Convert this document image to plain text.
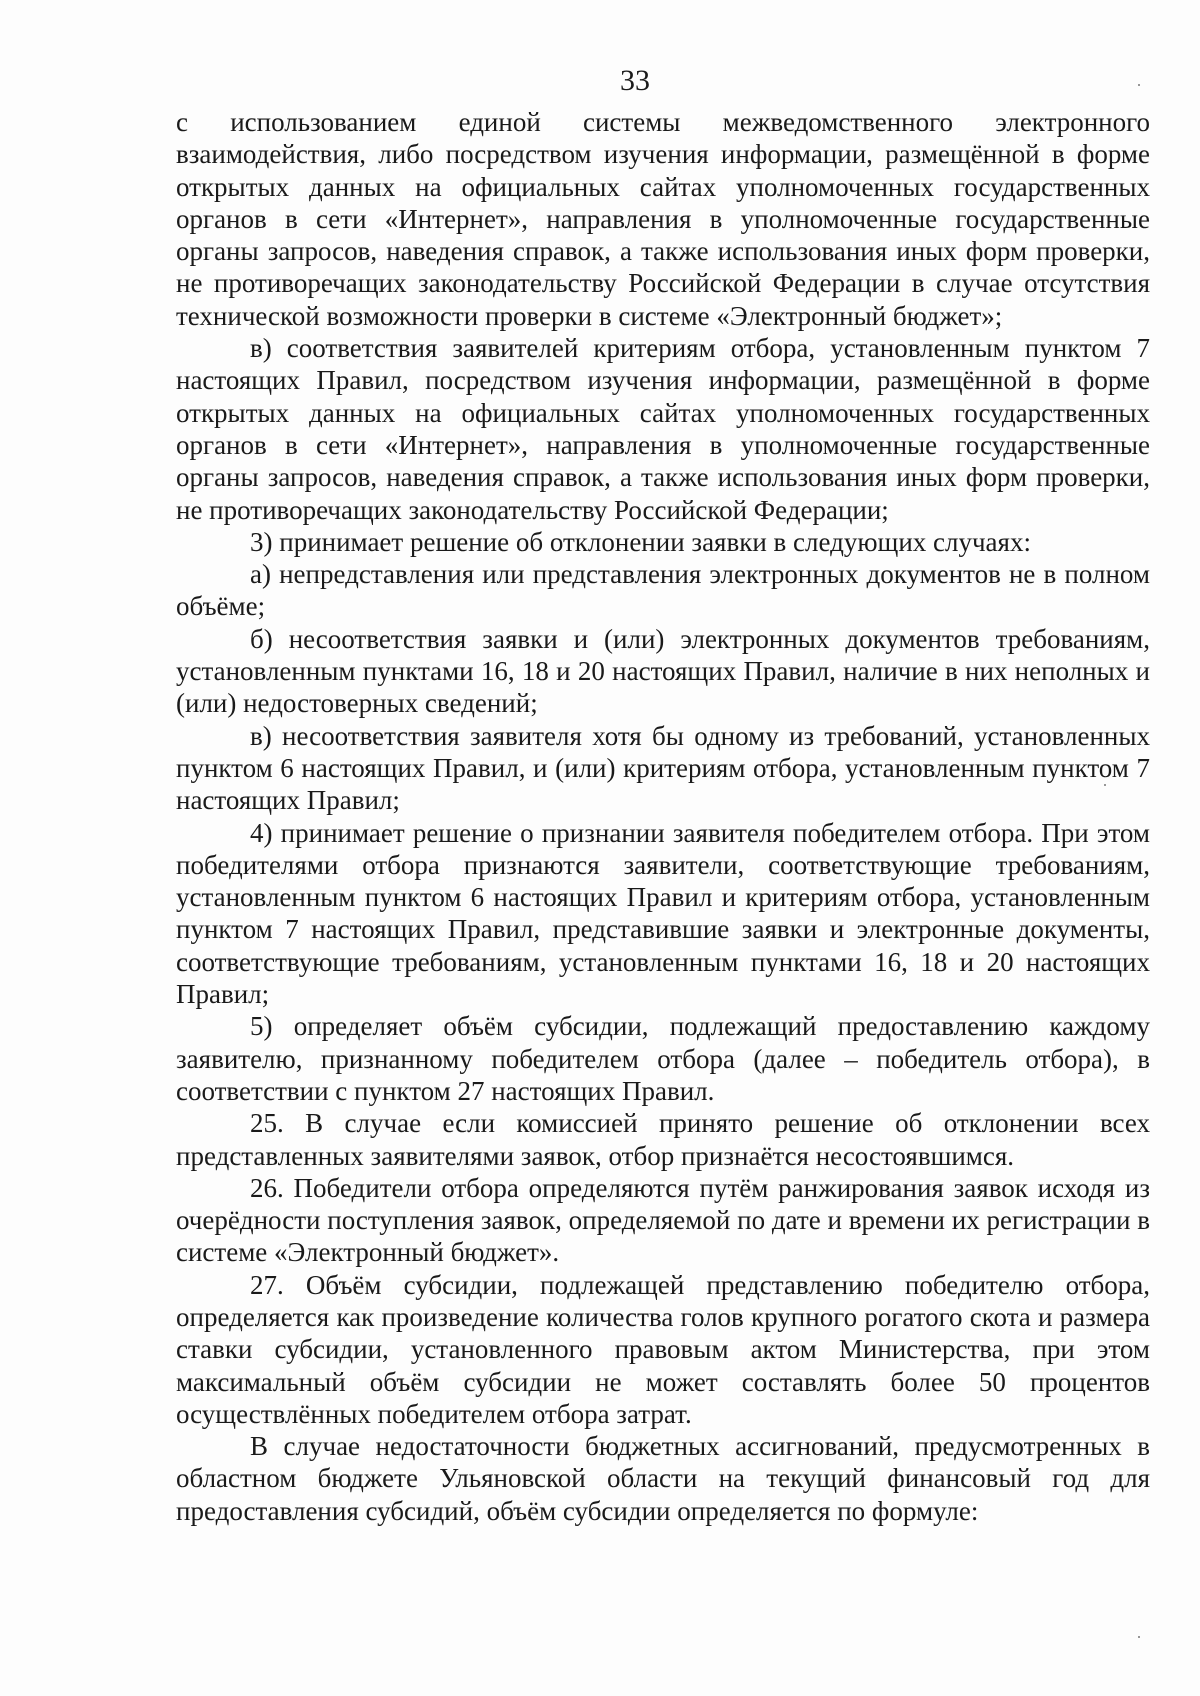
33

с использованием единой системы межведомственного электронного взаимодействия, либо посредством изучения информации, размещённой в форме открытых данных на официальных сайтах уполномоченных государственных органов в сети «Интернет», направления в уполномоченные государственные органы запросов, наведения справок, а также использования иных форм проверки, не противоречащих законодательству Российской Федерации в случае отсутствия технической возможности проверки в системе «Электронный бюджет»;

в) соответствия заявителей критериям отбора, установленным пунктом 7 настоящих Правил, посредством изучения информации, размещённой в форме открытых данных на официальных сайтах уполномоченных государственных органов в сети «Интернет», направления в уполномоченные государственные органы запросов, наведения справок, а также использования иных форм проверки, не противоречащих законодательству Российской Федерации;

3) принимает решение об отклонении заявки в следующих случаях:

а) непредставления или представления электронных документов не в полном объёме;

б) несоответствия заявки и (или) электронных документов требованиям, установленным пунктами 16, 18 и 20 настоящих Правил, наличие в них неполных и (или) недостоверных сведений;

в) несоответствия заявителя хотя бы одному из требований, установленных пунктом 6 настоящих Правил, и (или) критериям отбора, установленным пунктом 7 настоящих Правил;

4) принимает решение о признании заявителя победителем отбора. При этом победителями отбора признаются заявители, соответствующие требованиям, установленным пунктом 6 настоящих Правил и критериям отбора, установленным пунктом 7 настоящих Правил, представившие заявки и электронные документы, соответствующие требованиям, установленным пунктами 16, 18 и 20 настоящих Правил;

5) определяет объём субсидии, подлежащий предоставлению каждому заявителю, признанному победителем отбора (далее – победитель отбора), в соответствии с пунктом 27 настоящих Правил.

25. В случае если комиссией принято решение об отклонении всех представленных заявителями заявок, отбор признаётся несостоявшимся.

26. Победители отбора определяются путём ранжирования заявок исходя из очерёдности поступления заявок, определяемой по дате и времени их регистрации в системе «Электронный бюджет».

27. Объём субсидии, подлежащей представлению победителю отбора, определяется как произведение количества голов крупного рогатого скота и размера ставки субсидии, установленного правовым актом Министерства, при этом максимальный объём субсидии не может составлять более 50 процентов осуществлённых победителем отбора затрат.

В случае недостаточности бюджетных ассигнований, предусмотренных в областном бюджете Ульяновской области на текущий финансовый год для предоставления субсидий, объём субсидии определяется по формуле:
